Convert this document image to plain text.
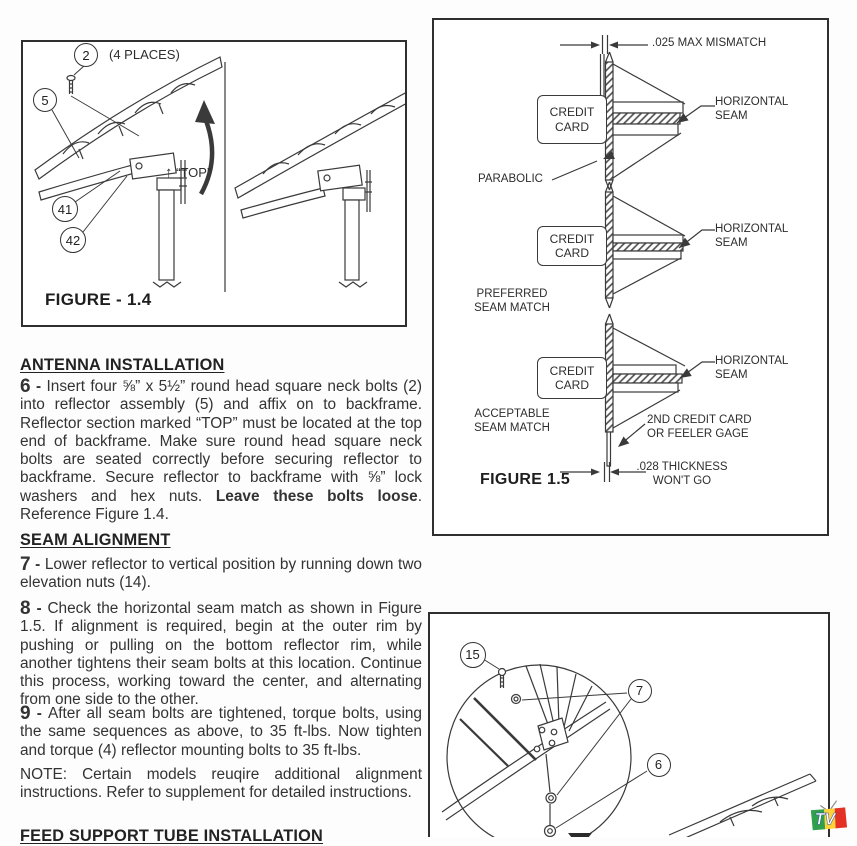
2	(4 PLACES)
5
41
42
↑ “TOP”
FIGURE - 1.4
.025 MAX MISMATCH
CREDIT CARD
HORIZONTAL SEAM
PARABOLIC
CREDIT CARD
HORIZONTAL SEAM
PREFERRED SEAM MATCH
CREDIT CARD
HORIZONTAL SEAM
ACCEPTABLE SEAM MATCH
2ND CREDIT CARD OR FEELER GAGE
.028 THICKNESS WON'T GO
FIGURE 1.5
ANTENNA INSTALLATION

6 - Insert four ⅝” x 5½” round head square neck bolts (2) into reflector assembly (5) and affix on to backframe. Reflector section marked “TOP” must be located at the top end of backframe. Make sure round head square neck bolts are seated correctly before securing reflector to backframe. Secure reflector to backframe with ⅝” lock washers and hex nuts. Leave these bolts loose. Reference Figure 1.4.

SEAM ALIGNMENT

7 - Lower reflector to vertical position by running down two elevation nuts (14).

8 - Check the horizontal seam match as shown in Figure 1.5. If alignment is required, begin at the outer rim by pushing or pulling on the bottom reflector rim, while another tightens their seam bolts at this location. Continue this process, working toward the center, and alternating from one side to the other.

9 - After all seam bolts are tightened, torque bolts, using the same sequences as above, to 35 ft-lbs. Now tighten and torque (4) reflector mounting bolts to 35 ft-lbs.

NOTE: Certain models reuqire additional alignment instructions. Refer to supplement for detailed instructions.

FEED SUPPORT TUBE INSTALLATION
15
7
6
TV
